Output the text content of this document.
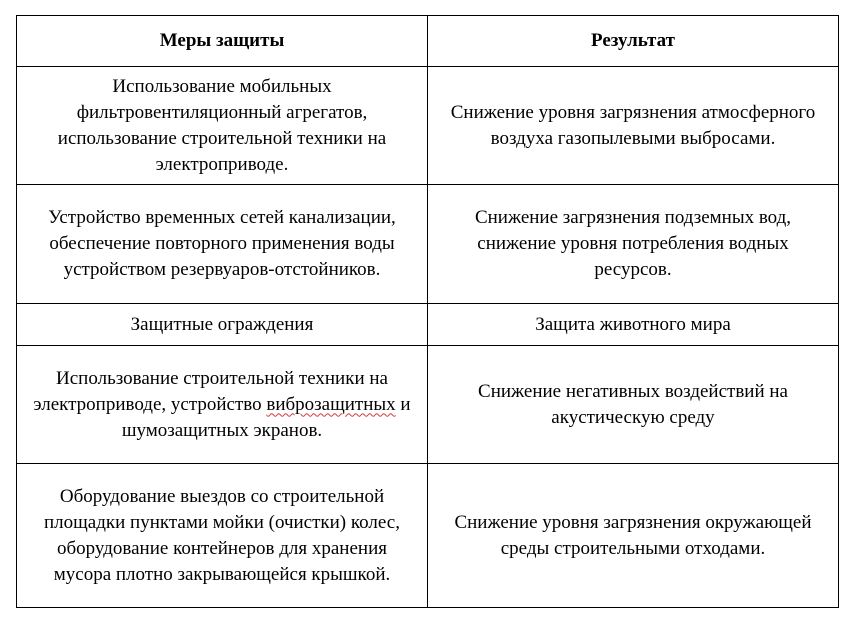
Меры защиты	Результат
Использование мобильных фильтровентиляционный агрегатов, использование строительной техники на электроприводе.	Снижение уровня загрязнения атмосферного воздуха газопылевыми выбросами.
Устройство временных сетей канализации, обеспечение повторного применения воды устройством резервуаров-отстойников.	Снижение загрязнения подземных вод, снижение уровня потребления водных ресурсов.
Защитные ограждения	Защита животного мира
Использование строительной техники на электроприводе, устройство виброзащитных и шумозащитных экранов.	Снижение негативных воздействий на акустическую среду
Оборудование выездов со строительной площадки пунктами мойки (очистки) колес, оборудование контейнеров для хранения мусора плотно закрывающейся крышкой.	Снижение уровня загрязнения окружающей среды строительными отходами.
